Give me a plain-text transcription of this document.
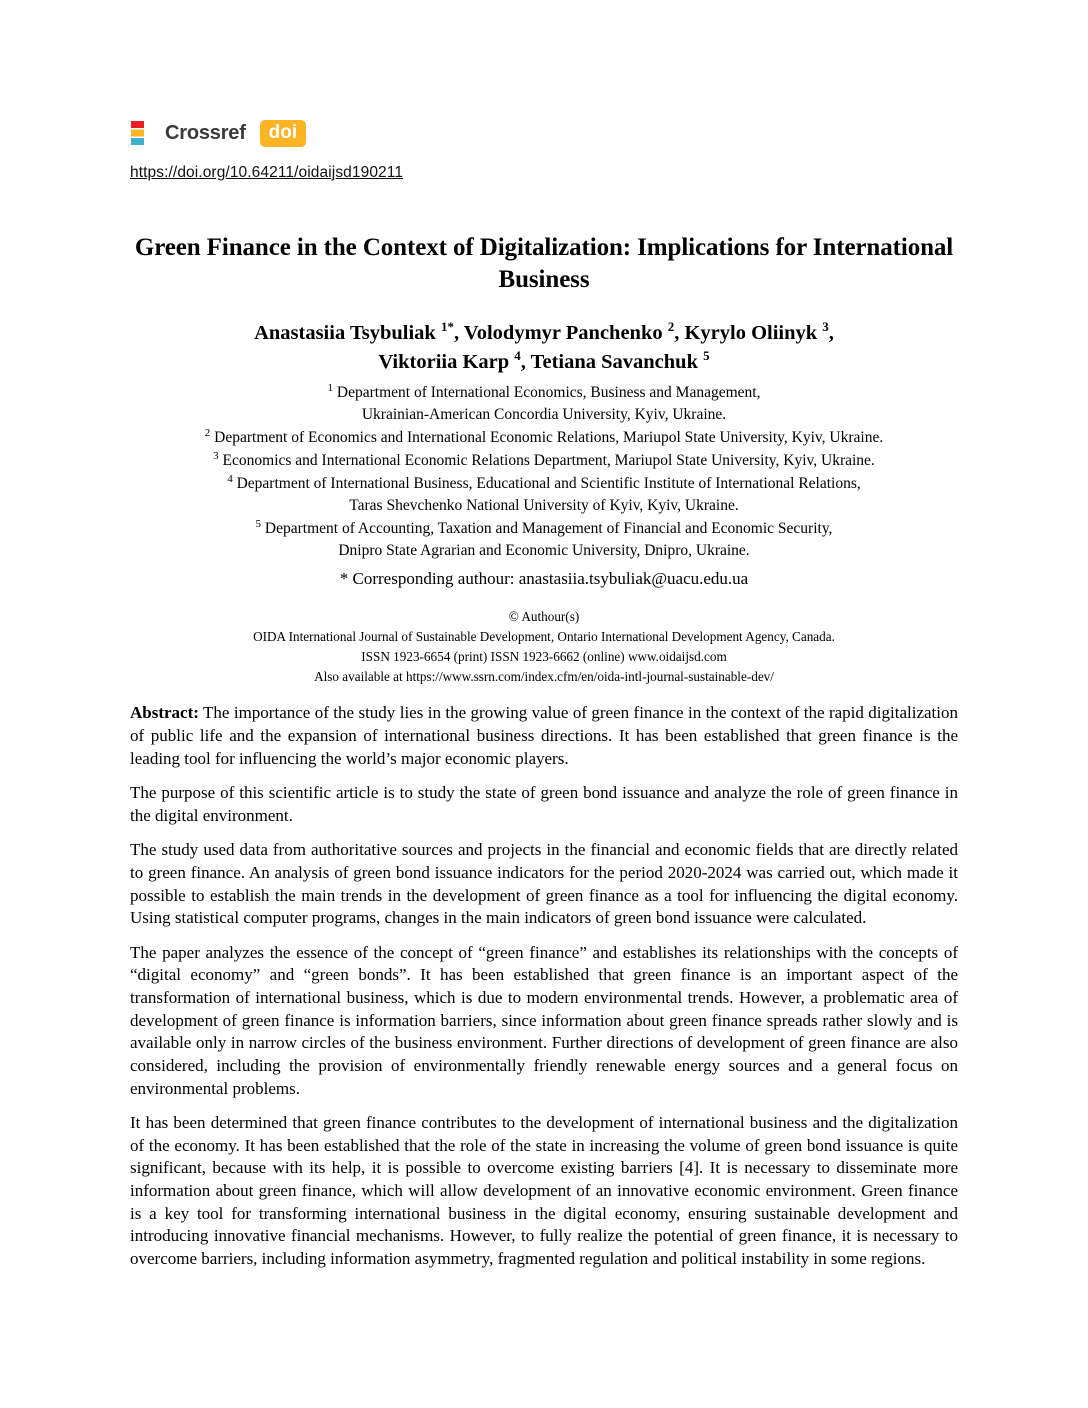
Crossref	doi
https://doi.org/10.64211/oidaijsd190211
Green Finance in the Context of Digitalization: Implications for International Business
Anastasiia Tsybuliak $^{1*}$, Volodymyr Panchenko $^2$, Kyrylo Oliinyk $^3$,
Viktoriia Karp $^4$, Tetiana Savanchuk $^5$
$^1$ Department of International Economics, Business and Management,
Ukrainian-American Concordia University, Kyiv, Ukraine.
$^2$ Department of Economics and International Economic Relations, Mariupol State University, Kyiv, Ukraine.
$^3$ Economics and International Economic Relations Department, Mariupol State University, Kyiv, Ukraine.
$^4$ Department of International Business, Educational and Scientific Institute of International Relations,
Taras Shevchenko National University of Kyiv, Kyiv, Ukraine.
$^5$ Department of Accounting, Taxation and Management of Financial and Economic Security,
Dnipro State Agrarian and Economic University, Dnipro, Ukraine.
* Corresponding authour: anastasiia.tsybuliak@uacu.edu.ua
© Authour(s)
OIDA International Journal of Sustainable Development, Ontario International Development Agency, Canada.
ISSN 1923-6654 (print) ISSN 1923-6662 (online) www.oidaijsd.com
Also available at https://www.ssrn.com/index.cfm/en/oida-intl-journal-sustainable-dev/

Abstract: The importance of the study lies in the growing value of green finance in the context of the rapid digitalization of public life and the expansion of international business directions. It has been established that green finance is the leading tool for influencing the world’s major economic players.

The purpose of this scientific article is to study the state of green bond issuance and analyze the role of green finance in the digital environment.

The study used data from authoritative sources and projects in the financial and economic fields that are directly related to green finance. An analysis of green bond issuance indicators for the period 2020-2024 was carried out, which made it possible to establish the main trends in the development of green finance as a tool for influencing the digital economy. Using statistical computer programs, changes in the main indicators of green bond issuance were calculated.

The paper analyzes the essence of the concept of “green finance” and establishes its relationships with the concepts of “digital economy” and “green bonds”. It has been established that green finance is an important aspect of the transformation of international business, which is due to modern environmental trends. However, a problematic area of development of green finance is information barriers, since information about green finance spreads rather slowly and is available only in narrow circles of the business environment. Further directions of development of green finance are also considered, including the provision of environmentally friendly renewable energy sources and a general focus on environmental problems.

It has been determined that green finance contributes to the development of international business and the digitalization of the economy. It has been established that the role of the state in increasing the volume of green bond issuance is quite significant, because with its help, it is possible to overcome existing barriers [4]. It is necessary to disseminate more information about green finance, which will allow development of an innovative economic environment. Green finance is a key tool for transforming international business in the digital economy, ensuring sustainable development and introducing innovative financial mechanisms. However, to fully realize the potential of green finance, it is necessary to overcome barriers, including information asymmetry, fragmented regulation and political instability in some regions.
